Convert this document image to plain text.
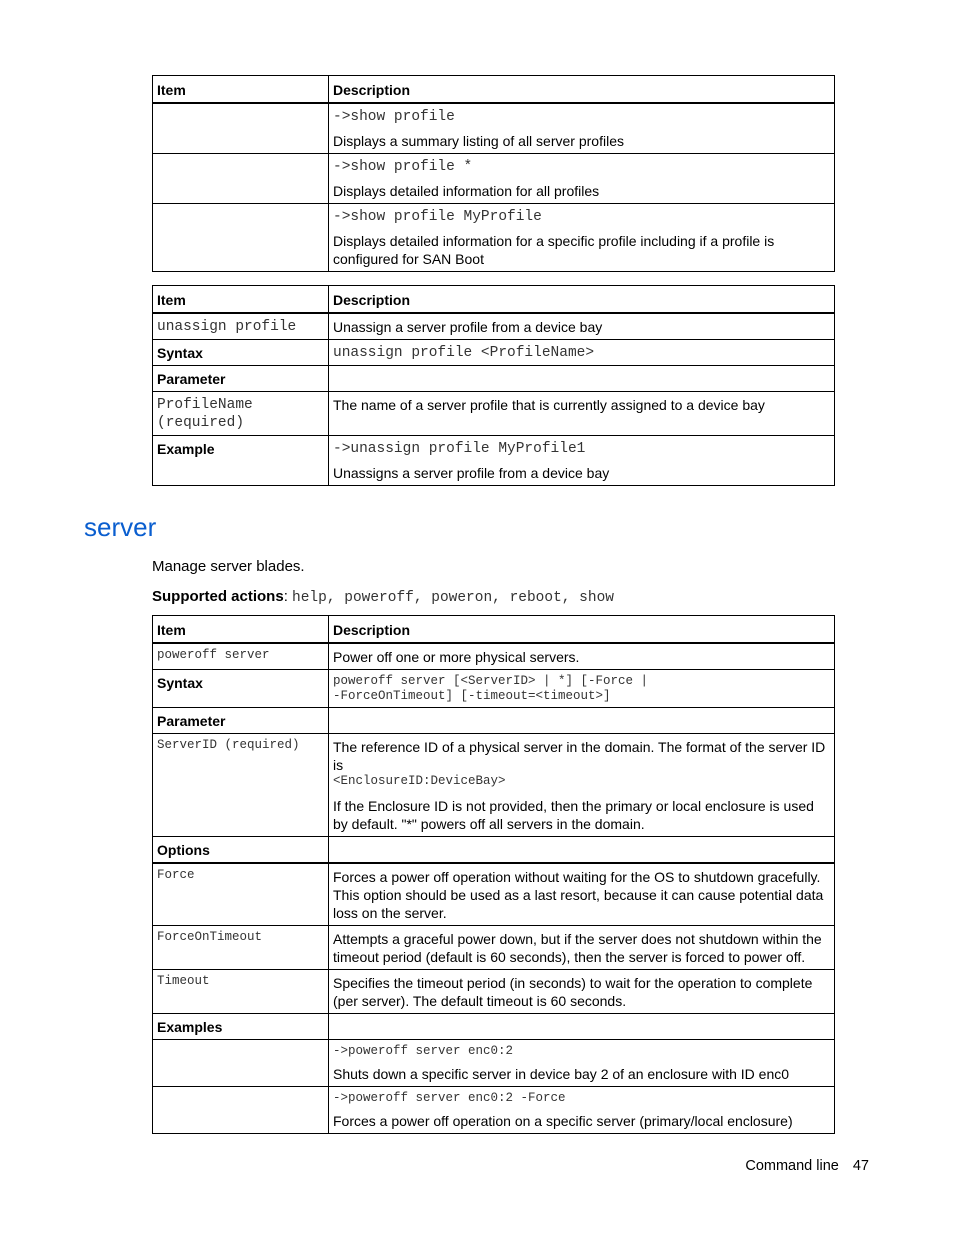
Item	Description

	->show profile

Displays a summary listing of all server profiles

	->show profile *

Displays detailed information for all profiles

	->show profile MyProfile

Displays detailed information for a specific profile including if a profile is configured for SAN Boot

Item	Description
unassign profile	Unassign a server profile from a device bay
Syntax	unassign profile <ProfileName>
Parameter	

ProfileName
(required)	The name of a server profile that is currently assigned to a device bay
Example	->unassign profile MyProfile1

Unassigns a server profile from a device bay

server

Manage server blades.

Supported actions: help, poweroff, poweron, reboot, show

Item	Description
poweroff server	Power off one or more physical servers.
Syntax	poweroff server [<ServerID> | *] [-Force |
-ForceOnTimeout] [-timeout=<timeout>]

Parameter	
ServerID (required)	The reference ID of a physical server in the domain. The format of the server ID is

<EnclosureID:DeviceBay>

If the Enclosure ID is not provided, then the primary or local enclosure is used by default. "*" powers off all servers in the domain.

Options	
Force	Forces a power off operation without waiting for the OS to shutdown gracefully. This option should be used as a last resort, because it can cause potential data loss on the server.
ForceOnTimeout	Attempts a graceful power down, but if the server does not shutdown within the timeout period (default is 60 seconds), then the server is forced to power off.
Timeout	Specifies the timeout period (in seconds) to wait for the operation to complete (per server). The default timeout is 60 seconds.
Examples	

	->poweroff server enc0:2

Shuts down a specific server in device bay 2 of an enclosure with ID enc0

	->poweroff server enc0:2 -Force

Forces a power off operation on a specific server (primary/local enclosure)

Command line 47
